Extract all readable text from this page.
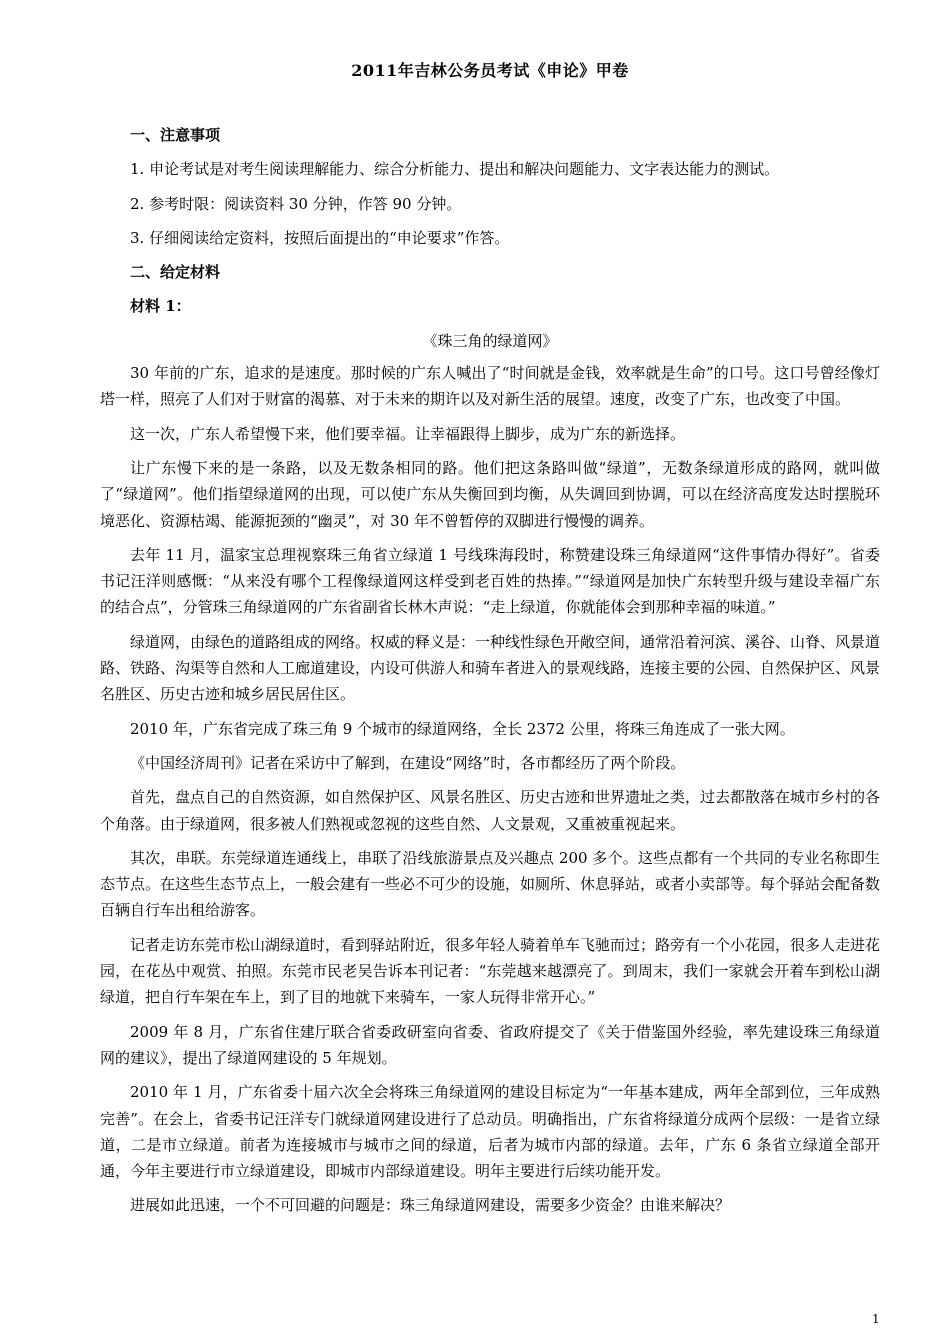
2011年吉林公务员考试《申论》甲卷

一、注意事项

1. 申论考试是对考生阅读理解能力、综合分析能力、提出和解决问题能力、文字表达能力的测试。

2. 参考时限：阅读资料 30 分钟，作答 90 分钟。

3. 仔细阅读给定资料，按照后面提出的“申论要求”作答。

二、给定材料

材料 1：

《珠三角的绿道网》

30 年前的广东，追求的是速度。那时候的广东人喊出了“时间就是金钱，效率就是生命”的口号。这口号曾经像灯塔一样，照亮了人们对于财富的渴慕、对于未来的期许以及对新生活的展望。速度，改变了广东，也改变了中国。

这一次，广东人希望慢下来，他们要幸福。让幸福跟得上脚步，成为广东的新选择。

让广东慢下来的是一条路，以及无数条相同的路。他们把这条路叫做“绿道”，无数条绿道形成的路网，就叫做了“绿道网”。他们指望绿道网的出现，可以使广东从失衡回到均衡，从失调回到协调，可以在经济高度发达时摆脱环境恶化、资源枯竭、能源扼颈的“幽灵”，对 30 年不曾暂停的双脚进行慢慢的调养。

去年 11 月，温家宝总理视察珠三角省立绿道 1 号线珠海段时，称赞建设珠三角绿道网“这件事情办得好”。省委书记汪洋则感慨：“从来没有哪个工程像绿道网这样受到老百姓的热捧。”“绿道网是加快广东转型升级与建设幸福广东的结合点”，分管珠三角绿道网的广东省副省长林木声说：“走上绿道，你就能体会到那种幸福的味道。”

绿道网，由绿色的道路组成的网络。权威的释义是：一种线性绿色开敞空间，通常沿着河滨、溪谷、山脊、风景道路、铁路、沟渠等自然和人工廊道建设，内设可供游人和骑车者进入的景观线路，连接主要的公园、自然保护区、风景名胜区、历史古迹和城乡居民居住区。

2010 年，广东省完成了珠三角 9 个城市的绿道网络，全长 2372 公里，将珠三角连成了一张大网。

《中国经济周刊》记者在采访中了解到，在建设“网络”时，各市都经历了两个阶段。

首先，盘点自己的自然资源，如自然保护区、风景名胜区、历史古迹和世界遗址之类，过去都散落在城市乡村的各个角落。由于绿道网，很多被人们熟视或忽视的这些自然、人文景观，又重被重视起来。

其次，串联。东莞绿道连通线上，串联了沿线旅游景点及兴趣点 200 多个。这些点都有一个共同的专业名称即生态节点。在这些生态节点上，一般会建有一些必不可少的设施，如厕所、休息驿站，或者小卖部等。每个驿站会配备数百辆自行车出租给游客。

记者走访东莞市松山湖绿道时，看到驿站附近，很多年轻人骑着单车飞驰而过；路旁有一个小花园，很多人走进花园，在花丛中观赏、拍照。东莞市民老吴告诉本刊记者：“东莞越来越漂亮了。到周末，我们一家就会开着车到松山湖绿道，把自行车架在车上，到了目的地就下来骑车，一家人玩得非常开心。”

2009 年 8 月，广东省住建厅联合省委政研室向省委、省政府提交了《关于借鉴国外经验，率先建设珠三角绿道网的建议》，提出了绿道网建设的 5 年规划。

2010 年 1 月，广东省委十届六次全会将珠三角绿道网的建设目标定为“一年基本建成，两年全部到位，三年成熟完善”。在会上，省委书记汪洋专门就绿道网建设进行了总动员。明确指出，广东省将绿道分成两个层级：一是省立绿道，二是市立绿道。前者为连接城市与城市之间的绿道，后者为城市内部的绿道。去年，广东 6 条省立绿道全部开通，今年主要进行市立绿道建设，即城市内部绿道建设。明年主要进行后续功能开发。

进展如此迅速，一个不可回避的问题是：珠三角绿道网建设，需要多少资金？由谁来解决？

1
